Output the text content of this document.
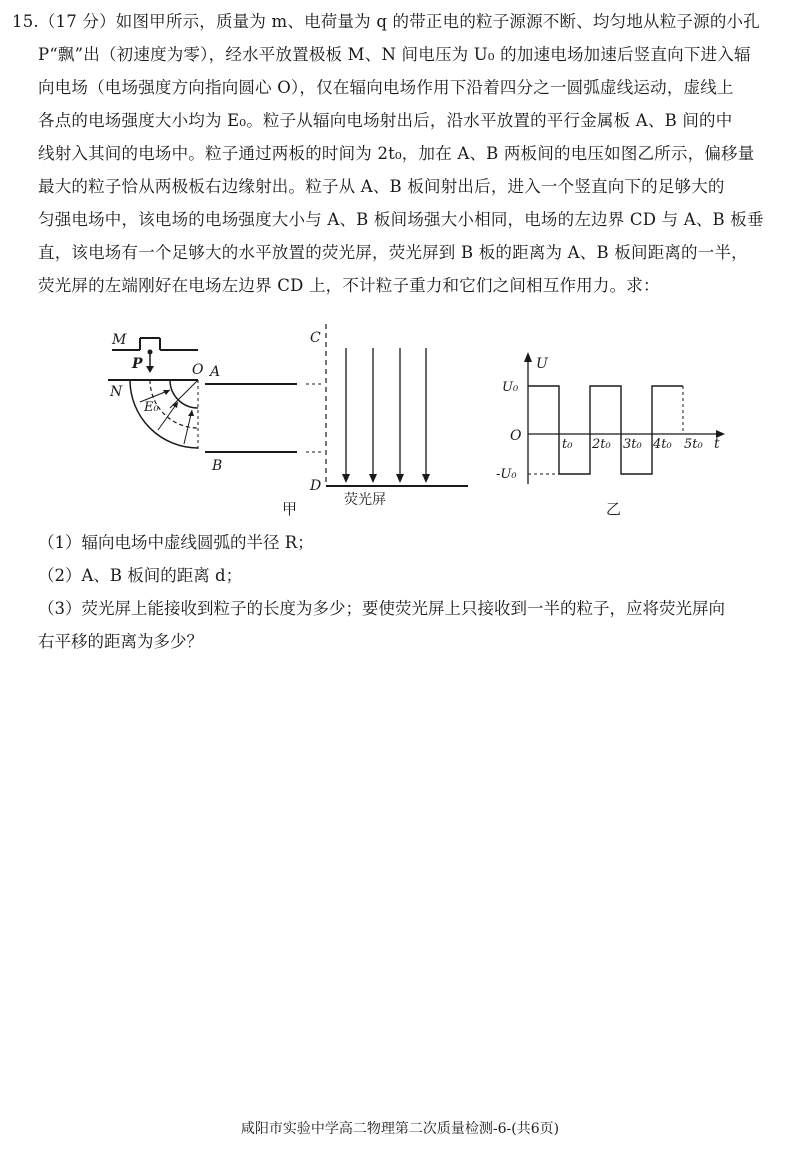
15.（17 分）如图甲所示，质量为 m、电荷量为 q 的带正电的粒子源源不断、均匀地从粒子源的小孔
P“飘”出（初速度为零），经水平放置极板 M、N 间电压为 U₀ 的加速电场加速后竖直向下进入辐
向电场（电场强度方向指向圆心 O），仅在辐向电场作用下沿着四分之一圆弧虚线运动，虚线上
各点的电场强度大小均为 E₀。粒子从辐向电场射出后，沿水平放置的平行金属板 A、B 间的中
线射入其间的电场中。粒子通过两板的时间为 2t₀，加在 A、B 两板间的电压如图乙所示，偏移量
最大的粒子恰从两极板右边缘射出。粒子从 A、B 板间射出后，进入一个竖直向下的足够大的
匀强电场中，该电场的电场强度大小与 A、B 板间场强大小相同，电场的左边界 CD 与 A、B 板垂
直，该电场有一个足够大的水平放置的荧光屏，荧光屏到 B 板的距离为 A、B 板间距离的一半，
荧光屏的左端刚好在电场左边界 CD 上，不计粒子重力和它们之间相互作用力。求：
M
P
N
E₀
O A
B
C
D
荧光屏
甲
U
t
O
U₀
-U₀
t₀ 2t₀ 3t₀ 4t₀ 5t₀
乙
（1）辐向电场中虚线圆弧的半径 R；
（2）A、B 板间的距离 d；
（3）荧光屏上能接收到粒子的长度为多少；要使荧光屏上只接收到一半的粒子，应将荧光屏向
右平移的距离为多少？
咸阳市实验中学高二物理第二次质量检测-6-(共6页)
